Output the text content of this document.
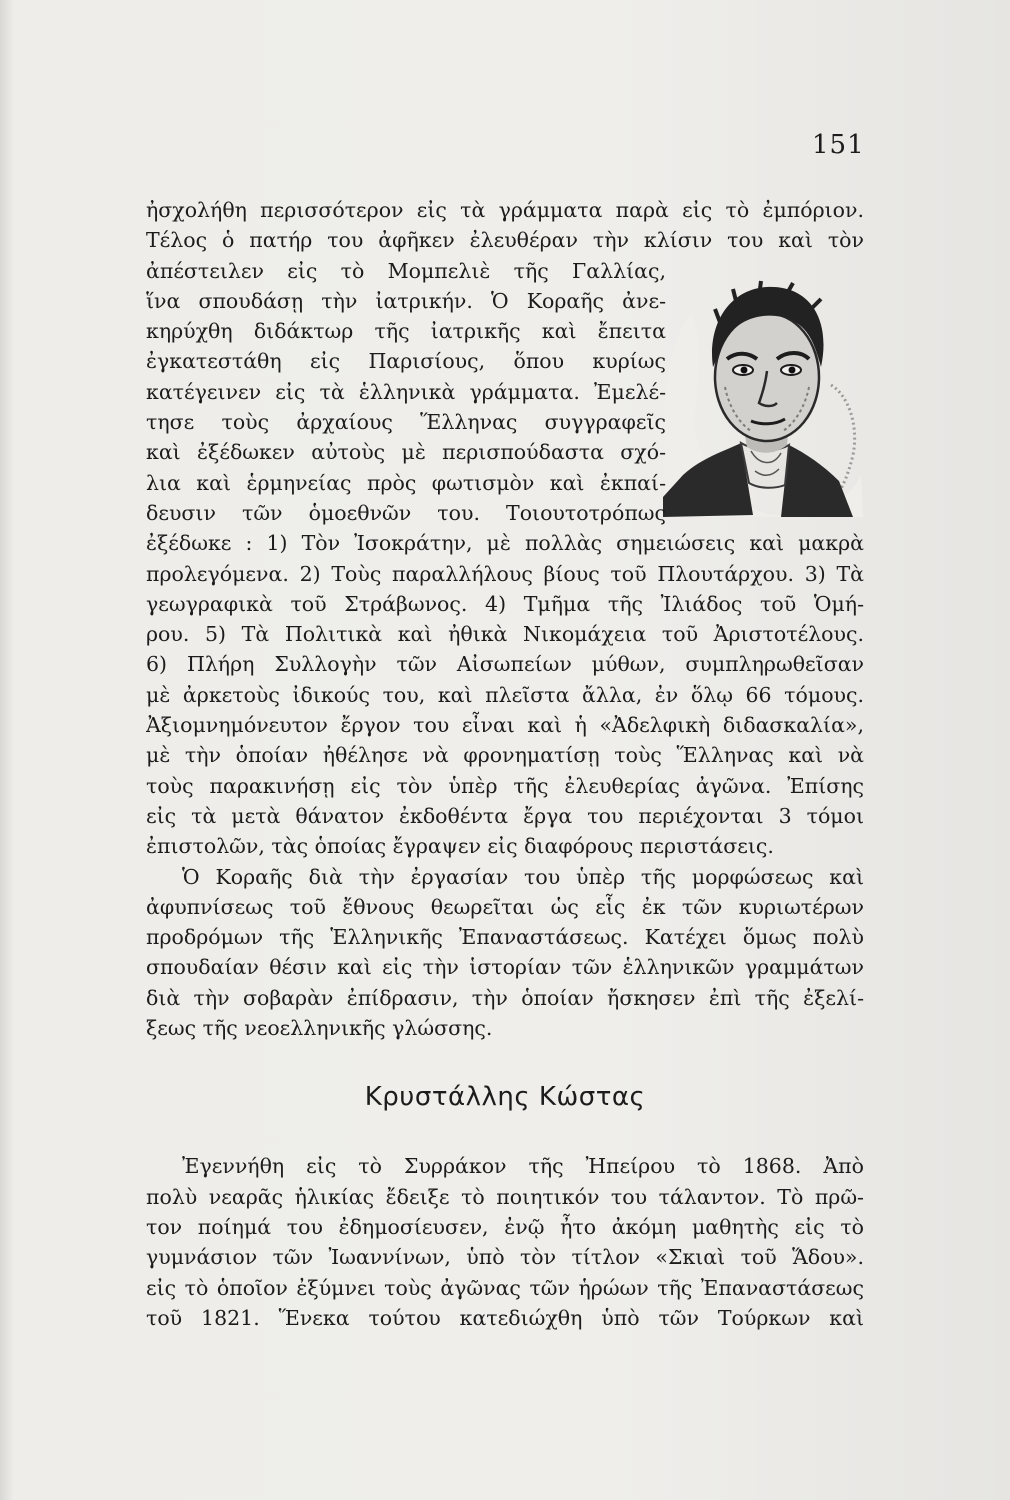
151
ἠσχολήθη περισσότερον εἰς τὰ γράμματα παρὰ εἰς τὸ ἐμπόριον.
Τέλος ὁ πατήρ του ἀφῆκεν ἐλευθέραν τὴν κλίσιν του καὶ τὸν
ἀπέστειλεν εἰς τὸ Μομπελιὲ τῆς Γαλλίας,
ἵνα σπουδάσῃ τὴν ἰατρικήν. Ὁ Κοραῆς ἀνε-
κηρύχθη διδάκτωρ τῆς ἰατρικῆς καὶ ἔπειτα
ἐγκατεστάθη εἰς Παρισίους, ὅπου κυρίως
κατέγεινεν εἰς τὰ ἑλληνικὰ γράμματα. Ἐμελέ-
τησε τοὺς ἀρχαίους Ἕλληνας συγγραφεῖς
καὶ ἐξέδωκεν αὐτοὺς μὲ περισπούδαστα σχό-
λια καὶ ἑρμηνείας πρὸς φωτισμὸν καὶ ἐκπαί-
δευσιν τῶν ὁμοεθνῶν του. Τοιουτοτρόπως
ἐξέδωκε : 1) Τὸν Ἰσοκράτην, μὲ πολλὰς σημειώσεις καὶ μακρὰ
προλεγόμενα. 2) Τοὺς παραλλήλους βίους τοῦ Πλουτάρχου. 3) Τὰ
γεωγραφικὰ τοῦ Στράβωνος. 4) Τμῆμα τῆς Ἰλιάδος τοῦ Ὁμή-
ρου. 5) Τὰ Πολιτικὰ καὶ ἠθικὰ Νικομάχεια τοῦ Ἀριστοτέλους.
6) Πλήρη Συλλογὴν τῶν Αἰσωπείων μύθων, συμπληρωθεῖσαν
μὲ ἀρκετοὺς ἰδικούς του, καὶ πλεῖστα ἄλλα, ἐν ὅλῳ 66 τόμους.
Ἀξιομνημόνευτον ἔργον του εἶναι καὶ ἡ «Ἀδελφικὴ διδασκαλία»,
μὲ τὴν ὁποίαν ἠθέλησε νὰ φρονηματίσῃ τοὺς Ἕλληνας καὶ νὰ
τοὺς παρακινήσῃ εἰς τὸν ὑπὲρ τῆς ἐλευθερίας ἀγῶνα. Ἐπίσης
εἰς τὰ μετὰ θάνατον ἐκδοθέντα ἔργα του περιέχονται 3 τόμοι
ἐπιστολῶν, τὰς ὁποίας ἔγραψεν εἰς διαφόρους περιστάσεις.
Ὁ Κοραῆς διὰ τὴν ἐργασίαν του ὑπὲρ τῆς μορφώσεως καὶ
ἀφυπνίσεως τοῦ ἔθνους θεωρεῖται ὡς εἷς ἐκ τῶν κυριωτέρων
προδρόμων τῆς Ἑλληνικῆς Ἐπαναστάσεως. Κατέχει ὅμως πολὺ
σπουδαίαν θέσιν καὶ εἰς τὴν ἱστορίαν τῶν ἑλληνικῶν γραμμάτων
διὰ τὴν σοβαρὰν ἐπίδρασιν, τὴν ὁποίαν ἤσκησεν ἐπὶ τῆς ἐξελί-
ξεως τῆς νεοελληνικῆς γλώσσης.
Κρυστάλλης Κώστας
Ἐγεννήθη εἰς τὸ Συρράκον τῆς Ἠπείρου τὸ 1868. Ἀπὸ
πολὺ νεαρᾶς ἡλικίας ἔδειξε τὸ ποιητικόν του τάλαντον. Τὸ πρῶ-
τον ποίημά του ἐδημοσίευσεν, ἐνῷ ἦτο ἀκόμη μαθητὴς εἰς τὸ
γυμνάσιον τῶν Ἰωαννίνων, ὑπὸ τὸν τίτλον «Σκιαὶ τοῦ Ἅδου».
εἰς τὸ ὁποῖον ἐξύμνει τοὺς ἀγῶνας τῶν ἡρώων τῆς Ἐπαναστάσεως
τοῦ 1821. Ἕνεκα τούτου κατεδιώχθη ὑπὸ τῶν Τούρκων καὶ
